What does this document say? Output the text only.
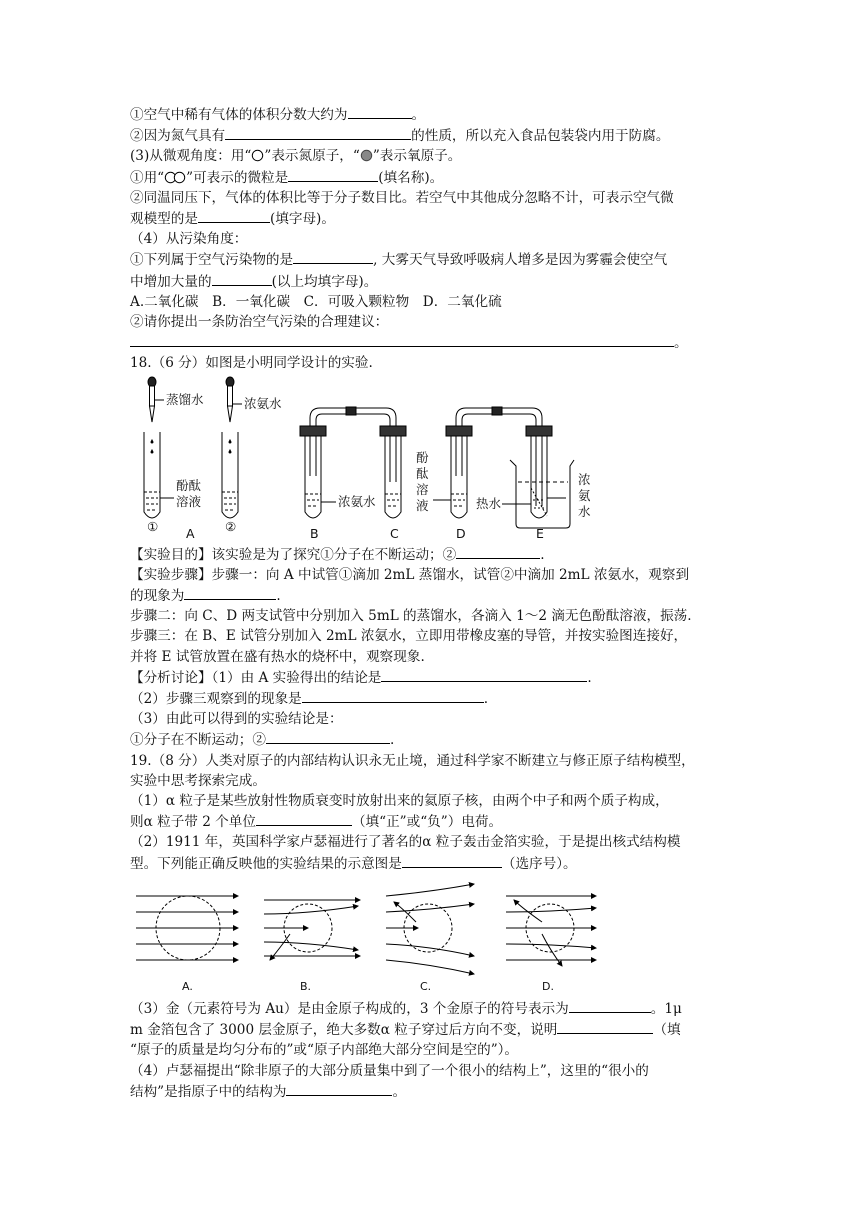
①空气中稀有气体的体积分数大约为	。
②因为氮气具有	的性质，所以充入食品包装袋内用于防腐。
(3)从微观角度：用“ ”表示氮原子，“ ”表示氧原子。
①用“ ”可表示的微粒是	(填名称)。
②同温同压下，气体的体积比等于分子数目比。若空气中其他成分忽略不计，可表示空气微
观模型的是	(填字母)。
（4）从污染角度：
①下列属于空气污染物的是	, 大雾天气导致呼吸病人增多是因为雾霾会使空气
中增加大量的	(以上均填字母)。
A.二氧化碳　B．一氧化碳　C．可吸入颗粒物　D．二氧化硫
②请你提出一条防治空气污染的合理建议：
。
18.（6 分）如图是小明同学设计的实验.
蒸馏水	浓氨水
酚酞
溶液	浓氨水
酚
酞
溶
液	热水
浓
氨
水
①	②
A	B	C	D	E
【实验目的】该实验是为了探究①分子在不断运动；②	.
【实验步骤】步骤一：向 A 中试管①滴加 2mL 蒸馏水，试管②中滴加 2mL 浓氨水，观察到
的现象为	.
步骤二：向 C、D 两支试管中分别加入 5mL 的蒸馏水，各滴入 1～2 滴无色酚酞溶液，振荡.
步骤三：在 B、E 试管分别加入 2mL 浓氨水，立即用带橡皮塞的导管，并按实验图连接好，
并将 E 试管放置在盛有热水的烧杯中，观察现象.
【分析讨论】（1）由 A 实验得出的结论是	.
（2）步骤三观察到的现象是	.
（3）由此可以得到的实验结论是：
①分子在不断运动；②	.
19.（8 分）人类对原子的内部结构认识永无止境，通过科学家不断建立与修正原子结构模型，
实验中思考探索完成。
（1）α 粒子是某些放射性物质衰变时放射出来的氦原子核，由两个中子和两个质子构成，
则α 粒子带 2 个单位	（填“正”或“负”）电荷。
（2）1911 年，英国科学家卢瑟福进行了著名的α 粒子轰击金箔实验，于是提出核式结构模
型。下列能正确反映他的实验结果的示意图是	（选序号）。
A.	B.	C.	D.
（3）金（元素符号为 Au）是由金原子构成的，3 个金原子的符号表示为	。1μ
m 金箔包含了 3000 层金原子，绝大多数α 粒子穿过后方向不变，说明	（填
“原子的质量是均匀分布的”或“原子内部绝大部分空间是空的”）。
（4）卢瑟福提出“除非原子的大部分质量集中到了一个很小的结构上”，这里的“很小的
结构”是指原子中的结构为	。
